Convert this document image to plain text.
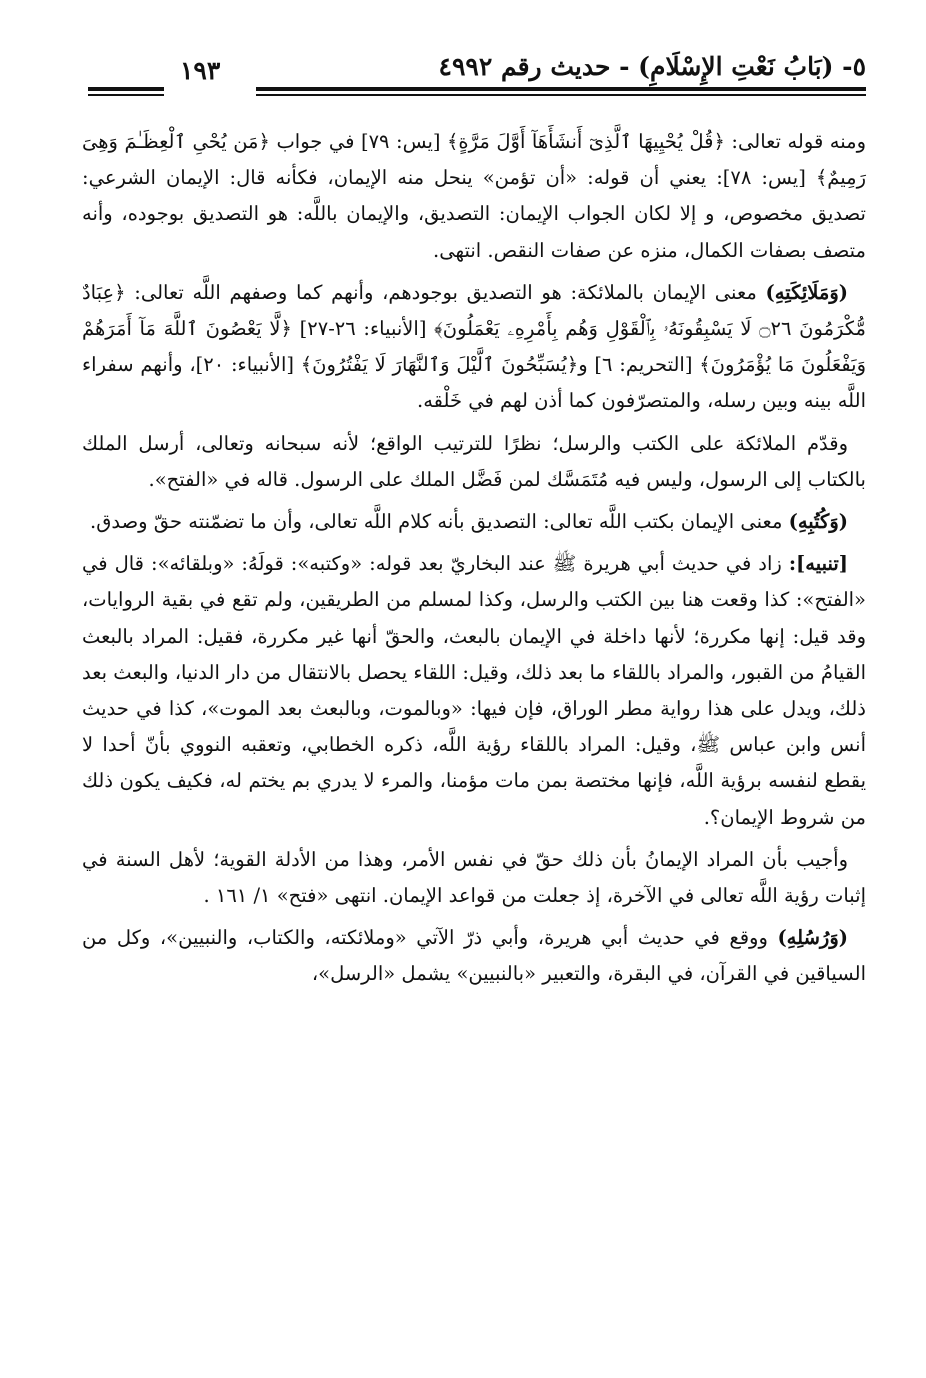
٥- (بَابُ نَعْتِ الإِسْلَامِ) - حديث رقم ٤٩٩٢
١٩٣

ومنه قوله تعالى: ﴿قُلْ يُحْيِيهَا ٱلَّذِىٓ أَنشَأَهَآ أَوَّلَ مَرَّةٍ﴾ [يس: ٧٩] في جواب ﴿مَن يُحْىِ ٱلْعِظَـٰمَ وَهِىَ رَمِيمٌ﴾ [يس: ٧٨]: يعني أن قوله: «أن تؤمن» ينحل منه الإيمان، فكأنه قال: الإيمان الشرعي: تصديق مخصوص، و إلا لكان الجواب الإيمان: التصديق، والإيمان باللَّه: هو التصديق بوجوده، وأنه متصف بصفات الكمال، منزه عن صفات النقص. انتهى.

(وَمَلَائِكَتِهِ) معنى الإيمان بالملائكة: هو التصديق بوجودهم، وأنهم كما وصفهم اللَّه تعالى: ﴿عِبَادٌ مُّكْرَمُونَ ۝٢٦ لَا يَسْبِقُونَهُۥ بِٱلْقَوْلِ وَهُم بِأَمْرِهِۦ يَعْمَلُونَ﴾ [الأنبياء: ٢٦-٢٧] ﴿لَّا يَعْصُونَ ٱللَّهَ مَآ أَمَرَهُمْ وَيَفْعَلُونَ مَا يُؤْمَرُونَ﴾ [التحريم: ٦] و﴿يُسَبِّحُونَ ٱلَّيْلَ وَٱلنَّهَارَ لَا يَفْتُرُونَ﴾ [الأنبياء: ٢٠]، وأنهم سفراء اللَّه بينه وبين رسله، والمتصرّفون كما أذن لهم في خَلْقه.

وقدّم الملائكة على الكتب والرسل؛ نظرًا للترتيب الواقع؛ لأنه سبحانه وتعالى، أرسل الملك بالكتاب إلى الرسول، وليس فيه مُتَمَسَّك لمن فَضَّل الملك على الرسول. قاله في «الفتح».

(وَكُتُبِهِ) معنى الإيمان بكتب اللَّه تعالى: التصديق بأنه كلام اللَّه تعالى، وأن ما تضمّنته حقّ وصدق.

[تنبيه]: زاد في حديث أبي هريرة ﷺ عند البخاريّ بعد قوله: «وكتبه»: قولَهُ: «وبلقائه»: قال في «الفتح»: كذا وقعت هنا بين الكتب والرسل، وكذا لمسلم من الطريقين، ولم تقع في بقية الروايات، وقد قيل: إنها مكررة؛ لأنها داخلة في الإيمان بالبعث، والحقّ أنها غير مكررة، فقيل: المراد بالبعث القيامُ من القبور، والمراد باللقاء ما بعد ذلك، وقيل: اللقاء يحصل بالانتقال من دار الدنيا، والبعث بعد ذلك، ويدل على هذا رواية مطر الوراق، فإن فيها: «وبالموت، وبالبعث بعد الموت»، كذا في حديث أنس وابن عباس ﷺ، وقيل: المراد باللقاء رؤية اللَّه، ذكره الخطابي، وتعقبه النووي بأنّ أحدا لا يقطع لنفسه برؤية اللَّه، فإنها مختصة بمن مات مؤمنا، والمرء لا يدري بم يختم له، فكيف يكون ذلك من شروط الإيمان؟.

وأجيب بأن المراد الإيمانُ بأن ذلك حقّ في نفس الأمر، وهذا من الأدلة القوية؛ لأهل السنة في إثبات رؤية اللَّه تعالى في الآخرة، إذ جعلت من قواعد الإيمان. انتهى «فتح» ١/ ١٦١ .

(وَرُسُلِهِ) ووقع في حديث أبي هريرة، وأبي ذرّ الآتي «وملائكته، والكتاب، والنبيين»، وكل من السياقين في القرآن، في البقرة، والتعبير «بالنبيين» يشمل «الرسل»،
